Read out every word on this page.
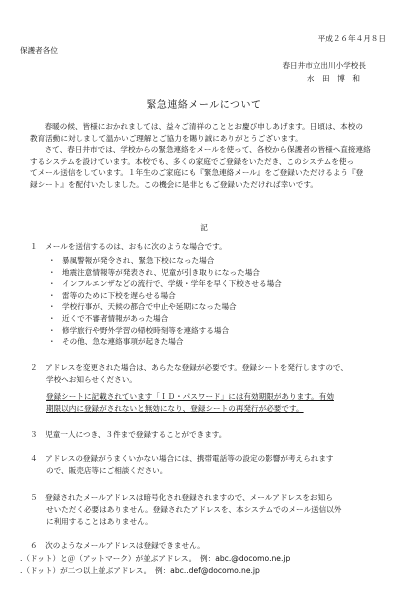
平成２６年４月８日
保護者各位
春日井市立出川小学校長
水　田　博　和
緊急連絡メールについて

　春暖の候、皆様におかれましては、益々ご清祥のこととお慶び申しあげます。日頃は、本校の

教育活動に対しまして温かいご理解とご協力を賜り誠にありがとうございます。

　さて、春日井市では、学校からの緊急連絡をメールを使って、各校から保護者の皆様へ直接連絡

するシステムを設けています。本校でも、多くの家庭でご登録をいただき、このシステムを使っ
てメール送信をしています。１年生のご家庭にも『緊急連絡メール』をご登録いただけるよう『登
録シート』を配付いたしました。この機会に是非ともご登録いただければ幸いです。
記
１　メールを送信するのは、おもに次のような場合です。
・ 暴風警報が発令され、緊急下校になった場合
・ 地震注意情報等が発表され、児童が引き取りになった場合
・ インフルエンザなどの流行で、学級・学年を早く下校させる場合
・ 雷等のために下校を遅らせる場合
・ 学校行事が、天候の都合で中止や延期になった場合
・ 近くで不審者情報があった場合
・ 修学旅行や野外学習の帰校時刻等を連絡する場合
・ その他、急な連絡事項が起きた場合
２　アドレスを変更された場合は、あらたな登録が必要です。登録シートを発行しますので、
学校へお知らせください。
登録シートに記載されています「ＩＤ・パスワード」には有効期限があります。有効
期限以内に登録がされないと無効になり、登録シートの再発行が必要です。
３　児童一人につき、３件まで登録することができます。
４　アドレスの登録がうまくいかない場合には、携帯電話等の設定の影響が考えられます
ので、販売店等にご相談ください。
５　登録されたメールアドレスは暗号化され登録されますので、メールアドレスをお知ら
せいただく必要はありません。登録されたアドレスを、本システムでのメール送信以外
に利用することはありません。
６　次のようなメールアドレスは登録できません。
.（ドット）と＠（アットマーク）が並ぶアドレス。　例：abc.@docomo.ne.jp
.（ドット）が二つ以上並ぶアドレス。　例：abc..def@docomo.ne.jp
